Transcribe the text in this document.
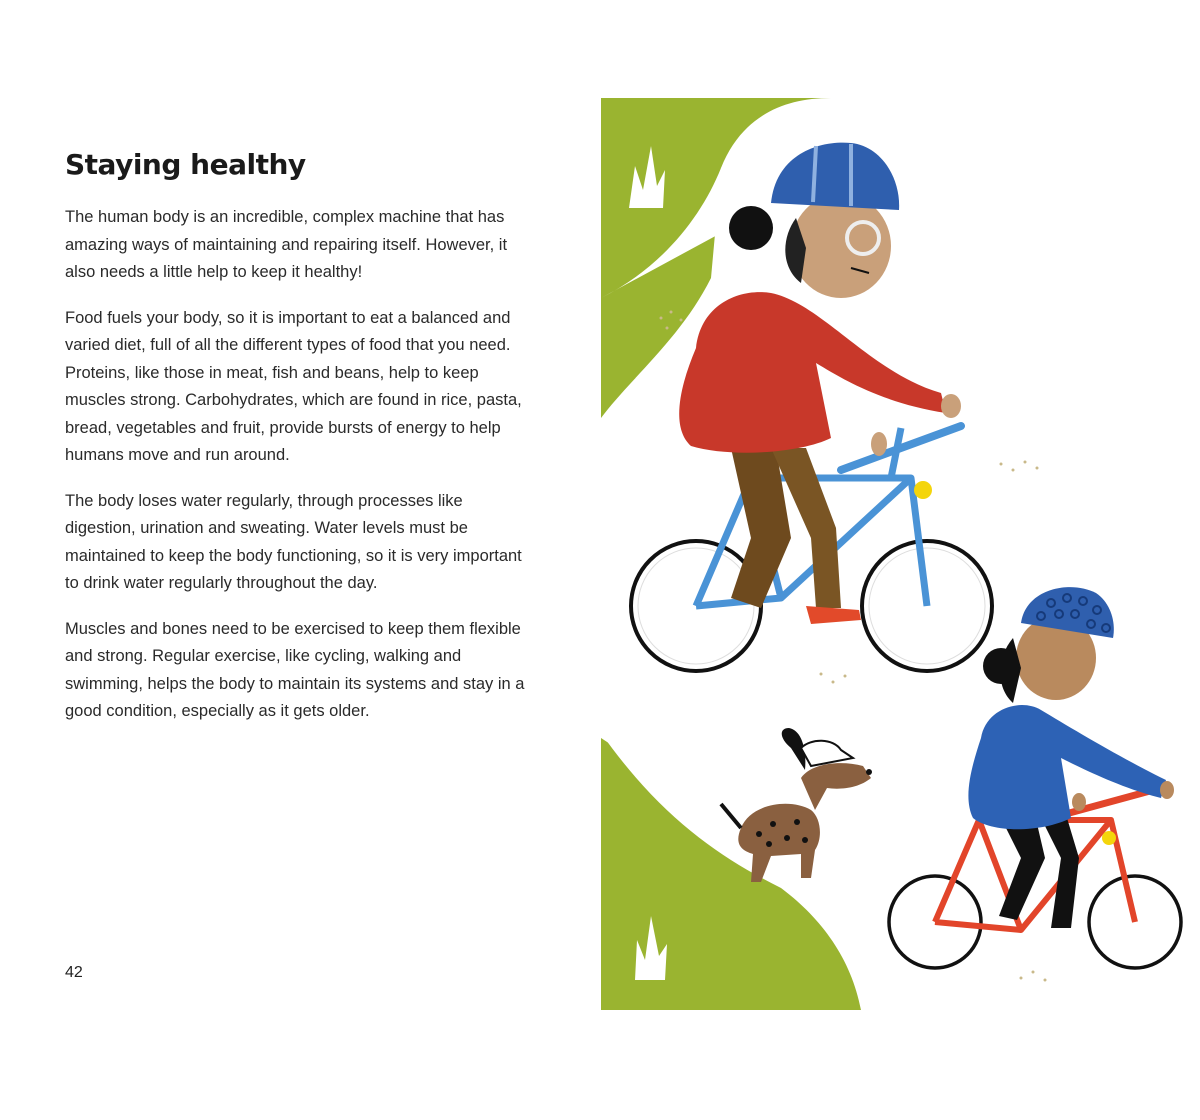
Staying healthy

The human body is an incredible, complex machine that has amazing ways of maintaining and repairing itself. However, it also needs a little help to keep it healthy!

Food fuels your body, so it is important to eat a balanced and varied diet, full of all the different types of food that you need. Proteins, like those in meat, fish and beans, help to keep muscles strong. Carbohydrates, which are found in rice, pasta, bread, vegetables and fruit, provide bursts of energy to help humans move and run around.

The body loses water regularly, through processes like digestion, urination and sweating. Water levels must be maintained to keep the body functioning, so it is very important to drink water regularly throughout the day.

Muscles and bones need to be exercised to keep them flexible and strong. Regular exercise, like cycling, walking and swimming, helps the body to maintain its systems and stay in a good condition, especially as it gets older.

42
